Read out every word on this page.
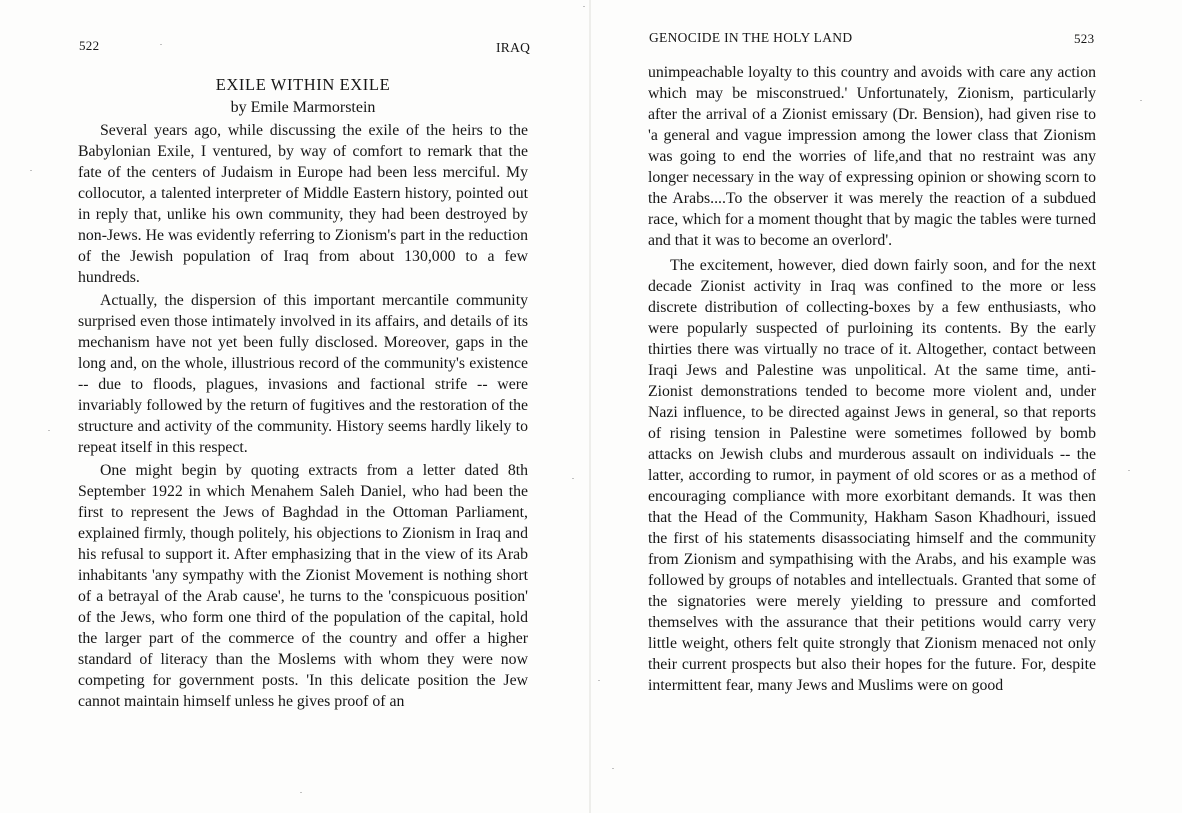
522	IRAQ
EXILE WITHIN EXILE
by Emile Marmorstein

Several years ago, while discussing the exile of the heirs to the Babylonian Exile, I ventured, by way of comfort to remark that the fate of the centers of Judaism in Europe had been less merciful. My collocutor, a talented interpreter of Middle Eastern history, pointed out in reply that, unlike his own community, they had been destroyed by non-Jews. He was evidently referring to Zionism's part in the reduction of the Jewish population of Iraq from about 130,000 to a few hundreds.

Actually, the dispersion of this important mercantile community surprised even those intimately involved in its affairs, and details of its mechanism have not yet been fully disclosed. Moreover, gaps in the long and, on the whole, illustrious record of the community's existence -- due to floods, plagues, invasions and factional strife -- were invariably followed by the return of fugitives and the restoration of the structure and activity of the community. History seems hardly likely to repeat itself in this respect.

One might begin by quoting extracts from a letter dated 8th September 1922 in which Menahem Saleh Daniel, who had been the first to represent the Jews of Baghdad in the Ottoman Parliament, explained firmly, though politely, his objections to Zionism in Iraq and his refusal to support it. After emphasizing that in the view of its Arab inhabitants 'any sympathy with the Zionist Movement is nothing short of a betrayal of the Arab cause', he turns to the 'conspicuous position' of the Jews, who form one third of the population of the capital, hold the larger part of the commerce of the country and offer a higher standard of literacy than the Moslems with whom they were now competing for government posts. 'In this delicate position the Jew cannot maintain himself unless he gives proof of an

GENOCIDE IN THE HOLY LAND	523

unimpeachable loyalty to this country and avoids with care any action which may be misconstrued.' Unfortunately, Zionism, particularly after the arrival of a Zionist emissary (Dr. Bension), had given rise to 'a general and vague impression among the lower class that Zionism was going to end the worries of life,and that no restraint was any longer necessary in the way of expressing opinion or showing scorn to the Arabs....To the observer it was merely the reaction of a subdued race, which for a moment thought that by magic the tables were turned and that it was to become an overlord'.

The excitement, however, died down fairly soon, and for the next decade Zionist activity in Iraq was confined to the more or less discrete distribution of collecting-boxes by a few enthusiasts, who were popularly suspected of purloining its contents. By the early thirties there was virtually no trace of it. Altogether, contact between Iraqi Jews and Palestine was unpolitical. At the same time, anti-Zionist demonstrations tended to become more violent and, under Nazi influence, to be directed against Jews in general, so that reports of rising tension in Palestine were sometimes followed by bomb attacks on Jewish clubs and murderous assault on individuals -- the latter, according to rumor, in payment of old scores or as a method of encouraging compliance with more exorbitant demands. It was then that the Head of the Community, Hakham Sason Khadhouri, issued the first of his statements disassociating himself and the community from Zionism and sympathising with the Arabs, and his example was followed by groups of notables and intellectuals. Granted that some of the signatories were merely yielding to pressure and comforted themselves with the assurance that their petitions would carry very little weight, others felt quite strongly that Zionism menaced not only their current prospects but also their hopes for the future. For, despite intermittent fear, many Jews and Muslims were on good
